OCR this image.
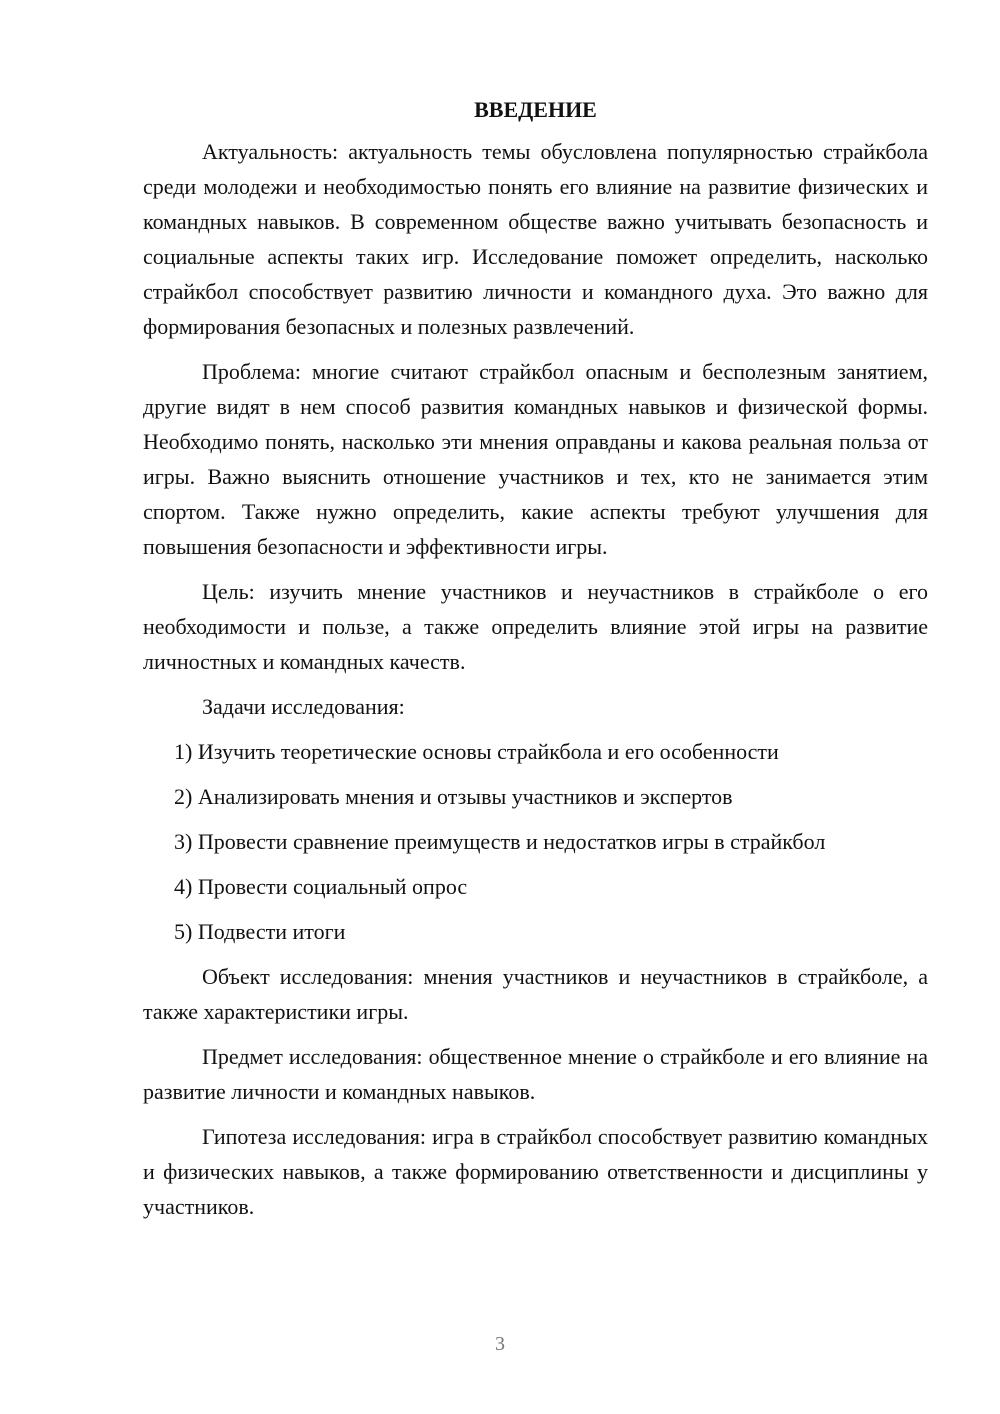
ВВЕДЕНИЕ

Актуальность: актуальность темы обусловлена популярностью страйкбола среди молодежи и необходимостью понять его влияние на развитие физических и командных навыков. В современном обществе важно учитывать безопасность и социальные аспекты таких игр. Исследование поможет определить, насколько страйкбол способствует развитию личности и командного духа. Это важно для формирования безопасных и полезных развлечений.

Проблема: многие считают страйкбол опасным и бесполезным занятием, другие видят в нем способ развития командных навыков и физической формы. Необходимо понять, насколько эти мнения оправданы и какова реальная польза от игры. Важно выяснить отношение участников и тех, кто не занимается этим спортом. Также нужно определить, какие аспекты требуют улучшения для повышения безопасности и эффективности игры.

Цель: изучить мнение участников и неучастников в страйкболе о его необходимости и пользе, а также определить влияние этой игры на развитие личностных и командных качеств.

Задачи исследования:

1) Изучить теоретические основы страйкбола и его особенности
2) Анализировать мнения и отзывы участников и экспертов
3) Провести сравнение преимуществ и недостатков игры в страйкбол
4) Провести социальный опрос
5) Подвести итоги

Объект исследования: мнения участников и неучастников в страйкболе, а также характеристики игры.

Предмет исследования: общественное мнение о страйкболе и его влияние на развитие личности и командных навыков.

Гипотеза исследования: игра в страйкбол способствует развитию командных и физических навыков, а также формированию ответственности и дисциплины у участников.

3
